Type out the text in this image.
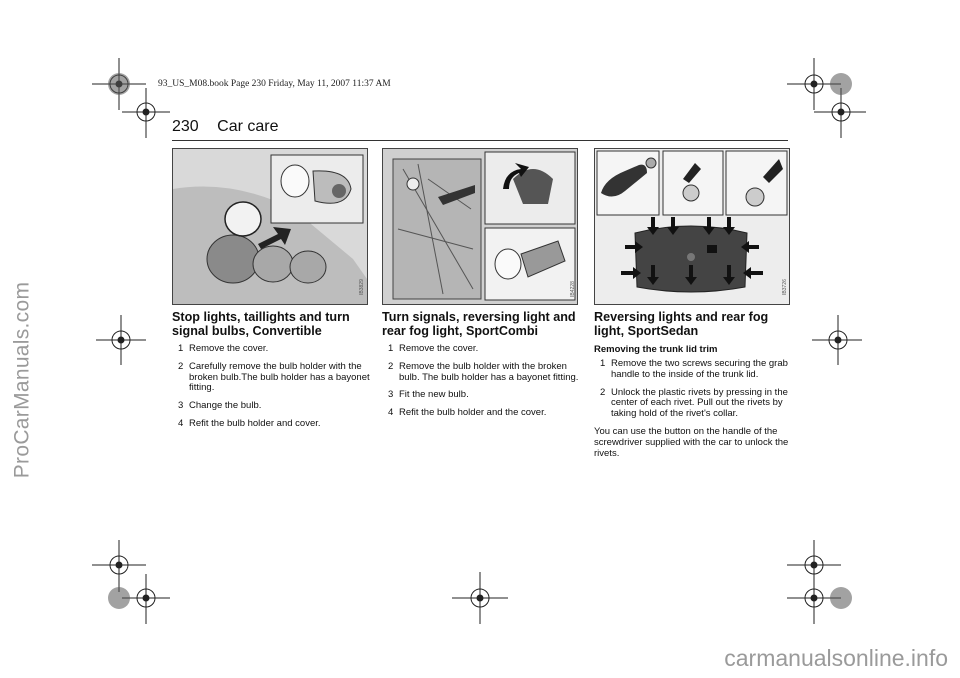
ProCarManuals.com
93_US_M08.book Page 230 Friday, May 11, 2007 11:37 AM
230 Car care
IB3829	IB4228	IB3726
Stop lights, taillights and turn signal bulbs, Convertible
1 Remove the cover.
2 Carefully remove the bulb holder with the broken bulb.The bulb holder has a bayonet fitting.
3 Change the bulb.
4 Refit the bulb holder and cover.
Turn signals, reversing light and rear fog light, SportCombi
1 Remove the cover.
2 Remove the bulb holder with the broken bulb. The bulb holder has a bayonet fitting.
3 Fit the new bulb.
4 Refit the bulb holder and the cover.
Reversing lights and rear fog light, SportSedan
Removing the trunk lid trim
1 Remove the two screws securing the grab handle to the inside of the trunk lid.
2 Unlock the plastic rivets by pressing in the center of each rivet. Pull out the rivets by taking hold of the rivet's collar.

You can use the button on the handle of the screwdriver supplied with the car to unlock the rivets.

carmanualsonline.info
